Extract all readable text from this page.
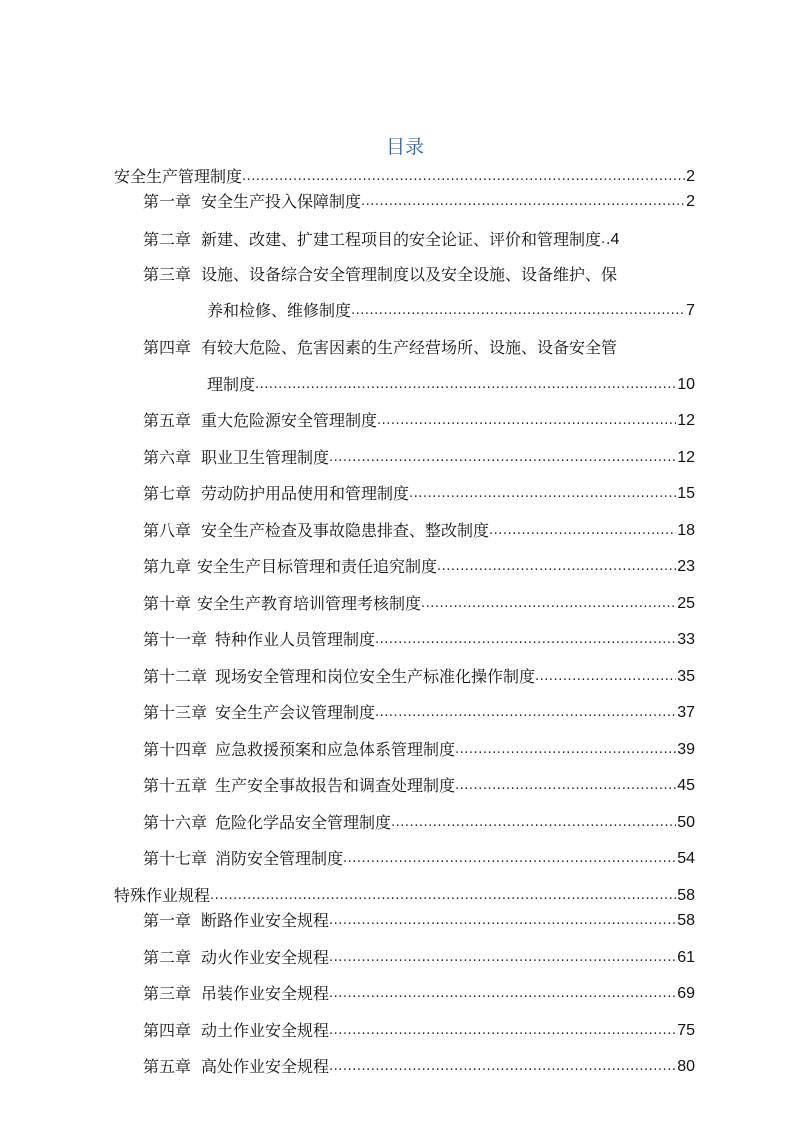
目录
安全生产管理制度 .....	2
第一章 安全生产投入保障制度 .....	2
第二章 新建、改建、扩建工程项目的安全论证、评价和管理制度 ..... .4
第三章 设施、设备综合安全管理制度以及安全设施、设备维护、保
养和检修、维修制度 .....	7
第四章 有较大危险、危害因素的生产经营场所、设施、设备安全管
理制度 .....	10
第五章 重大危险源安全管理制度 .....	12
第六章 职业卫生管理制度 .....	12
第七章 劳动防护用品使用和管理制度 .....	15
第八章 安全生产检查及事故隐患排查、整改制度 .....	18
第九章 安全生产目标管理和责任追究制度 .....	23
第十章 安全生产教育培训管理考核制度 .....	25
第十一章 特种作业人员管理制度 .....	33
第十二章 现场安全管理和岗位安全生产标准化操作制度 .....	35
第十三章 安全生产会议管理制度 .....	37
第十四章 应急救援预案和应急体系管理制度 .....	39
第十五章 生产安全事故报告和调查处理制度 .....	45
第十六章 危险化学品安全管理制度 .....	50
第十七章 消防安全管理制度 .....	54
特殊作业规程 .....	58
第一章 断路作业安全规程 .....	58
第二章 动火作业安全规程 .....	61
第三章 吊装作业安全规程 .....	69
第四章 动土作业安全规程 .....	75
第五章 高处作业安全规程 .....	80
